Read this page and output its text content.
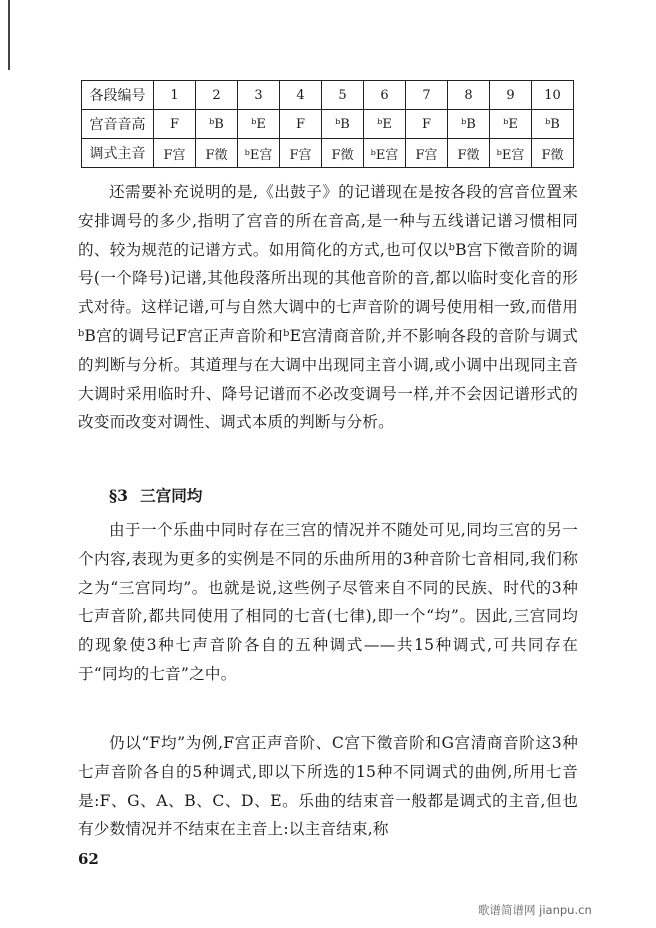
各段编号	1	2	3	4	5	6	7	8	9	10
宫音音高	F	ᵇB	ᵇE	F	ᵇB	ᵇE	F	ᵇB	ᵇE	ᵇB
调式主音	F宫	F徵	ᵇE宫	F宫	F徵	ᵇE宫	F宫	F徵	ᵇE宫	F徵

还需要补充说明的是,《出鼓子》的记谱现在是按各段的宫音位置来安排调号的多少,指明了宫音的所在音高,是一种与五线谱记谱习惯相同的、较为规范的记谱方式。如用简化的方式,也可仅以ᵇB宫下徵音阶的调号(一个降号)记谱,其他段落所出现的其他音阶的音,都以临时变化音的形式对待。这样记谱,可与自然大调中的七声音阶的调号使用相一致,而借用ᵇB宫的调号记F宫正声音阶和ᵇE宫清商音阶,并不影响各段的音阶与调式的判断与分析。其道理与在大调中出现同主音小调,或小调中出现同主音大调时采用临时升、降号记谱而不必改变调号一样,并不会因记谱形式的改变而改变对调性、调式本质的判断与分析。

§3 三宫同均

由于一个乐曲中同时存在三宫的情况并不随处可见,同均三宫的另一个内容,表现为更多的实例是不同的乐曲所用的3种音阶七音相同,我们称之为“三宫同均”。也就是说,这些例子尽管来自不同的民族、时代的3种七声音阶,都共同使用了相同的七音(七律),即一个“均”。因此,三宫同均的现象使3种七声音阶各自的五种调式——共15种调式,可共同存在于“同均的七音”之中。

仍以“F均”为例,F宫正声音阶、C宫下徵音阶和G宫清商音阶这3种七声音阶各自的5种调式,即以下所选的15种不同调式的曲例,所用七音是:F、G、A、B、C、D、E。乐曲的结束音一般都是调式的主音,但也有少数情况并不结束在主音上:以主音结束,称

62
歌谱简谱网 jianpu.cn
